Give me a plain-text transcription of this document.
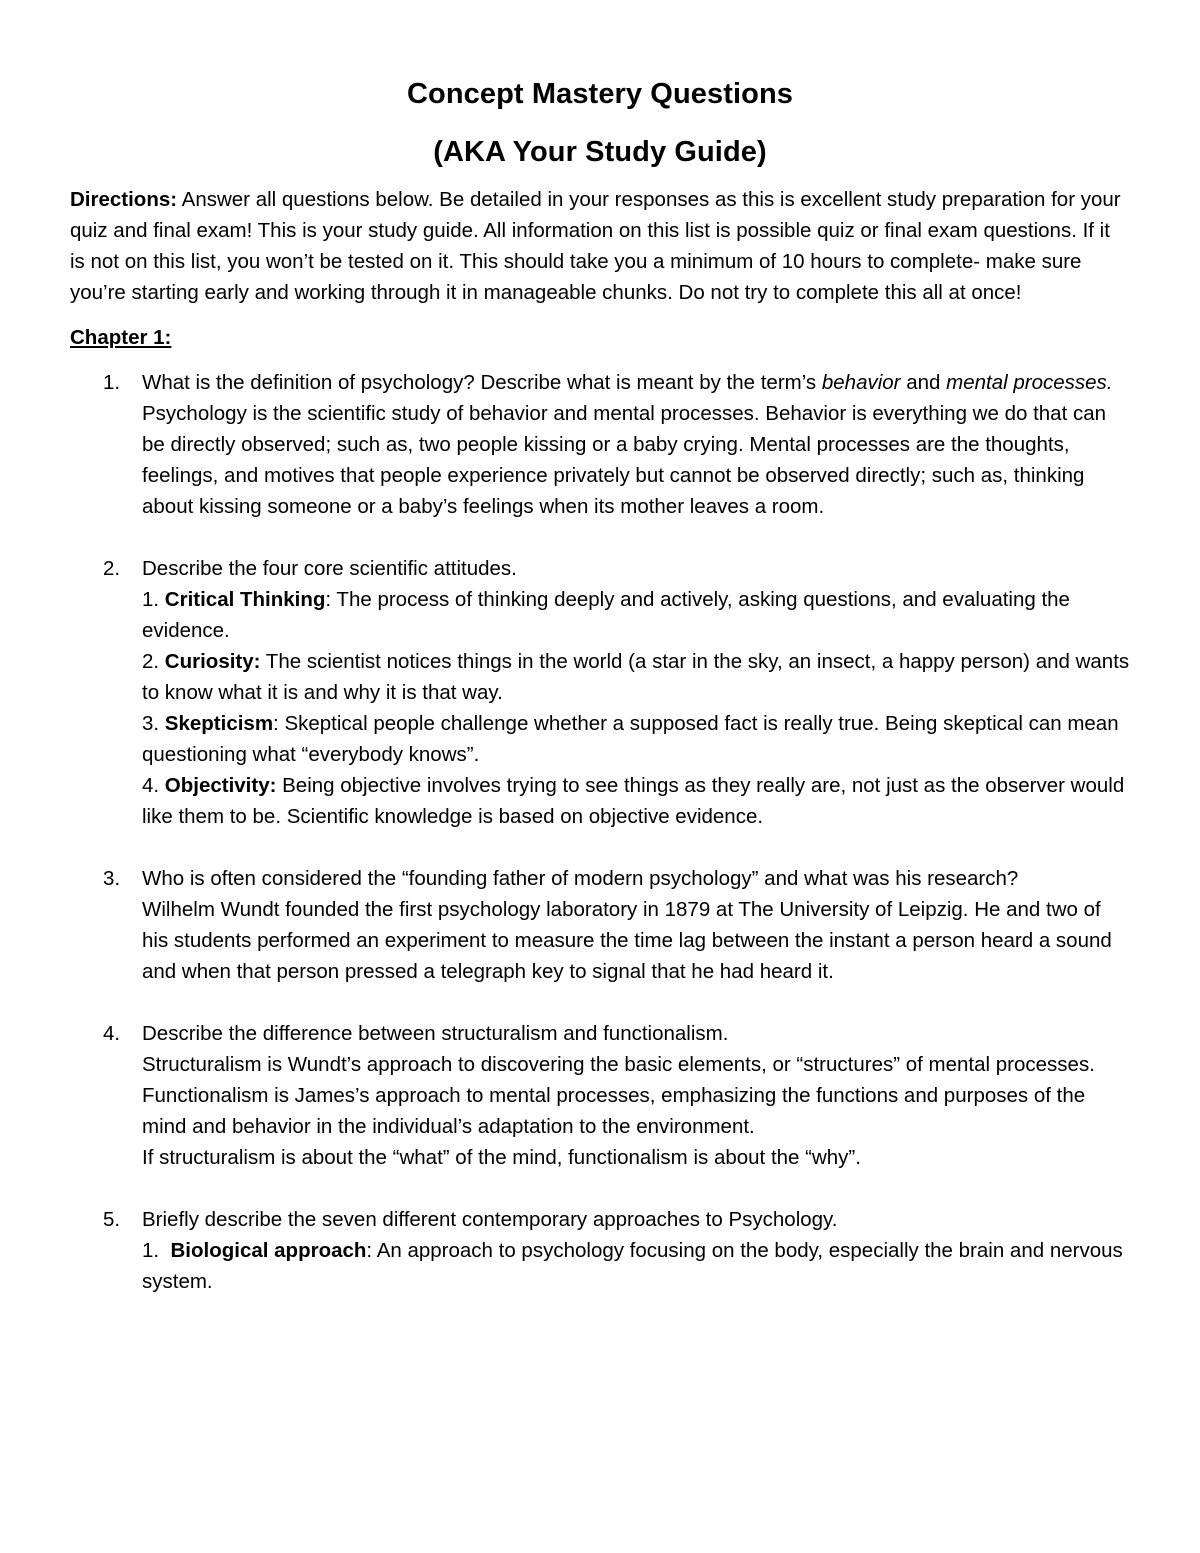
Concept Mastery Questions
(AKA Your Study Guide)

Directions: Answer all questions below. Be detailed in your responses as this is excellent study preparation for your quiz and final exam! This is your study guide. All information on this list is possible quiz or final exam questions. If it is not on this list, you won’t be tested on it. This should take you a minimum of 10 hours to complete- make sure you’re starting early and working through it in manageable chunks. Do not try to complete this all at once!

Chapter 1:

1. What is the definition of psychology? Describe what is meant by the term’s behavior and mental processes.
Psychology is the scientific study of behavior and mental processes. Behavior is everything we do that can be directly observed; such as, two people kissing or a baby crying. Mental processes are the thoughts, feelings, and motives that people experience privately but cannot be observed directly; such as, thinking about kissing someone or a baby’s feelings when its mother leaves a room.
2. Describe the four core scientific attitudes.
1. Critical Thinking: The process of thinking deeply and actively, asking questions, and evaluating the evidence.
2. Curiosity: The scientist notices things in the world (a star in the sky, an insect, a happy person) and wants to know what it is and why it is that way.
3. Skepticism: Skeptical people challenge whether a supposed fact is really true. Being skeptical can mean questioning what “everybody knows”.
4. Objectivity: Being objective involves trying to see things as they really are, not just as the observer would like them to be. Scientific knowledge is based on objective evidence.
3. Who is often considered the “founding father of modern psychology” and what was his research?
Wilhelm Wundt founded the first psychology laboratory in 1879 at The University of Leipzig. He and two of his students performed an experiment to measure the time lag between the instant a person heard a sound and when that person pressed a telegraph key to signal that he had heard it.
4. Describe the difference between structuralism and functionalism.
Structuralism is Wundt’s approach to discovering the basic elements, or “structures” of mental processes.
Functionalism is James’s approach to mental processes, emphasizing the functions and purposes of the mind and behavior in the individual’s adaptation to the environment.
If structuralism is about the “what” of the mind, functionalism is about the “why”.
5. Briefly describe the seven different contemporary approaches to Psychology.
1.  Biological approach: An approach to psychology focusing on the body, especially the brain and nervous system.
